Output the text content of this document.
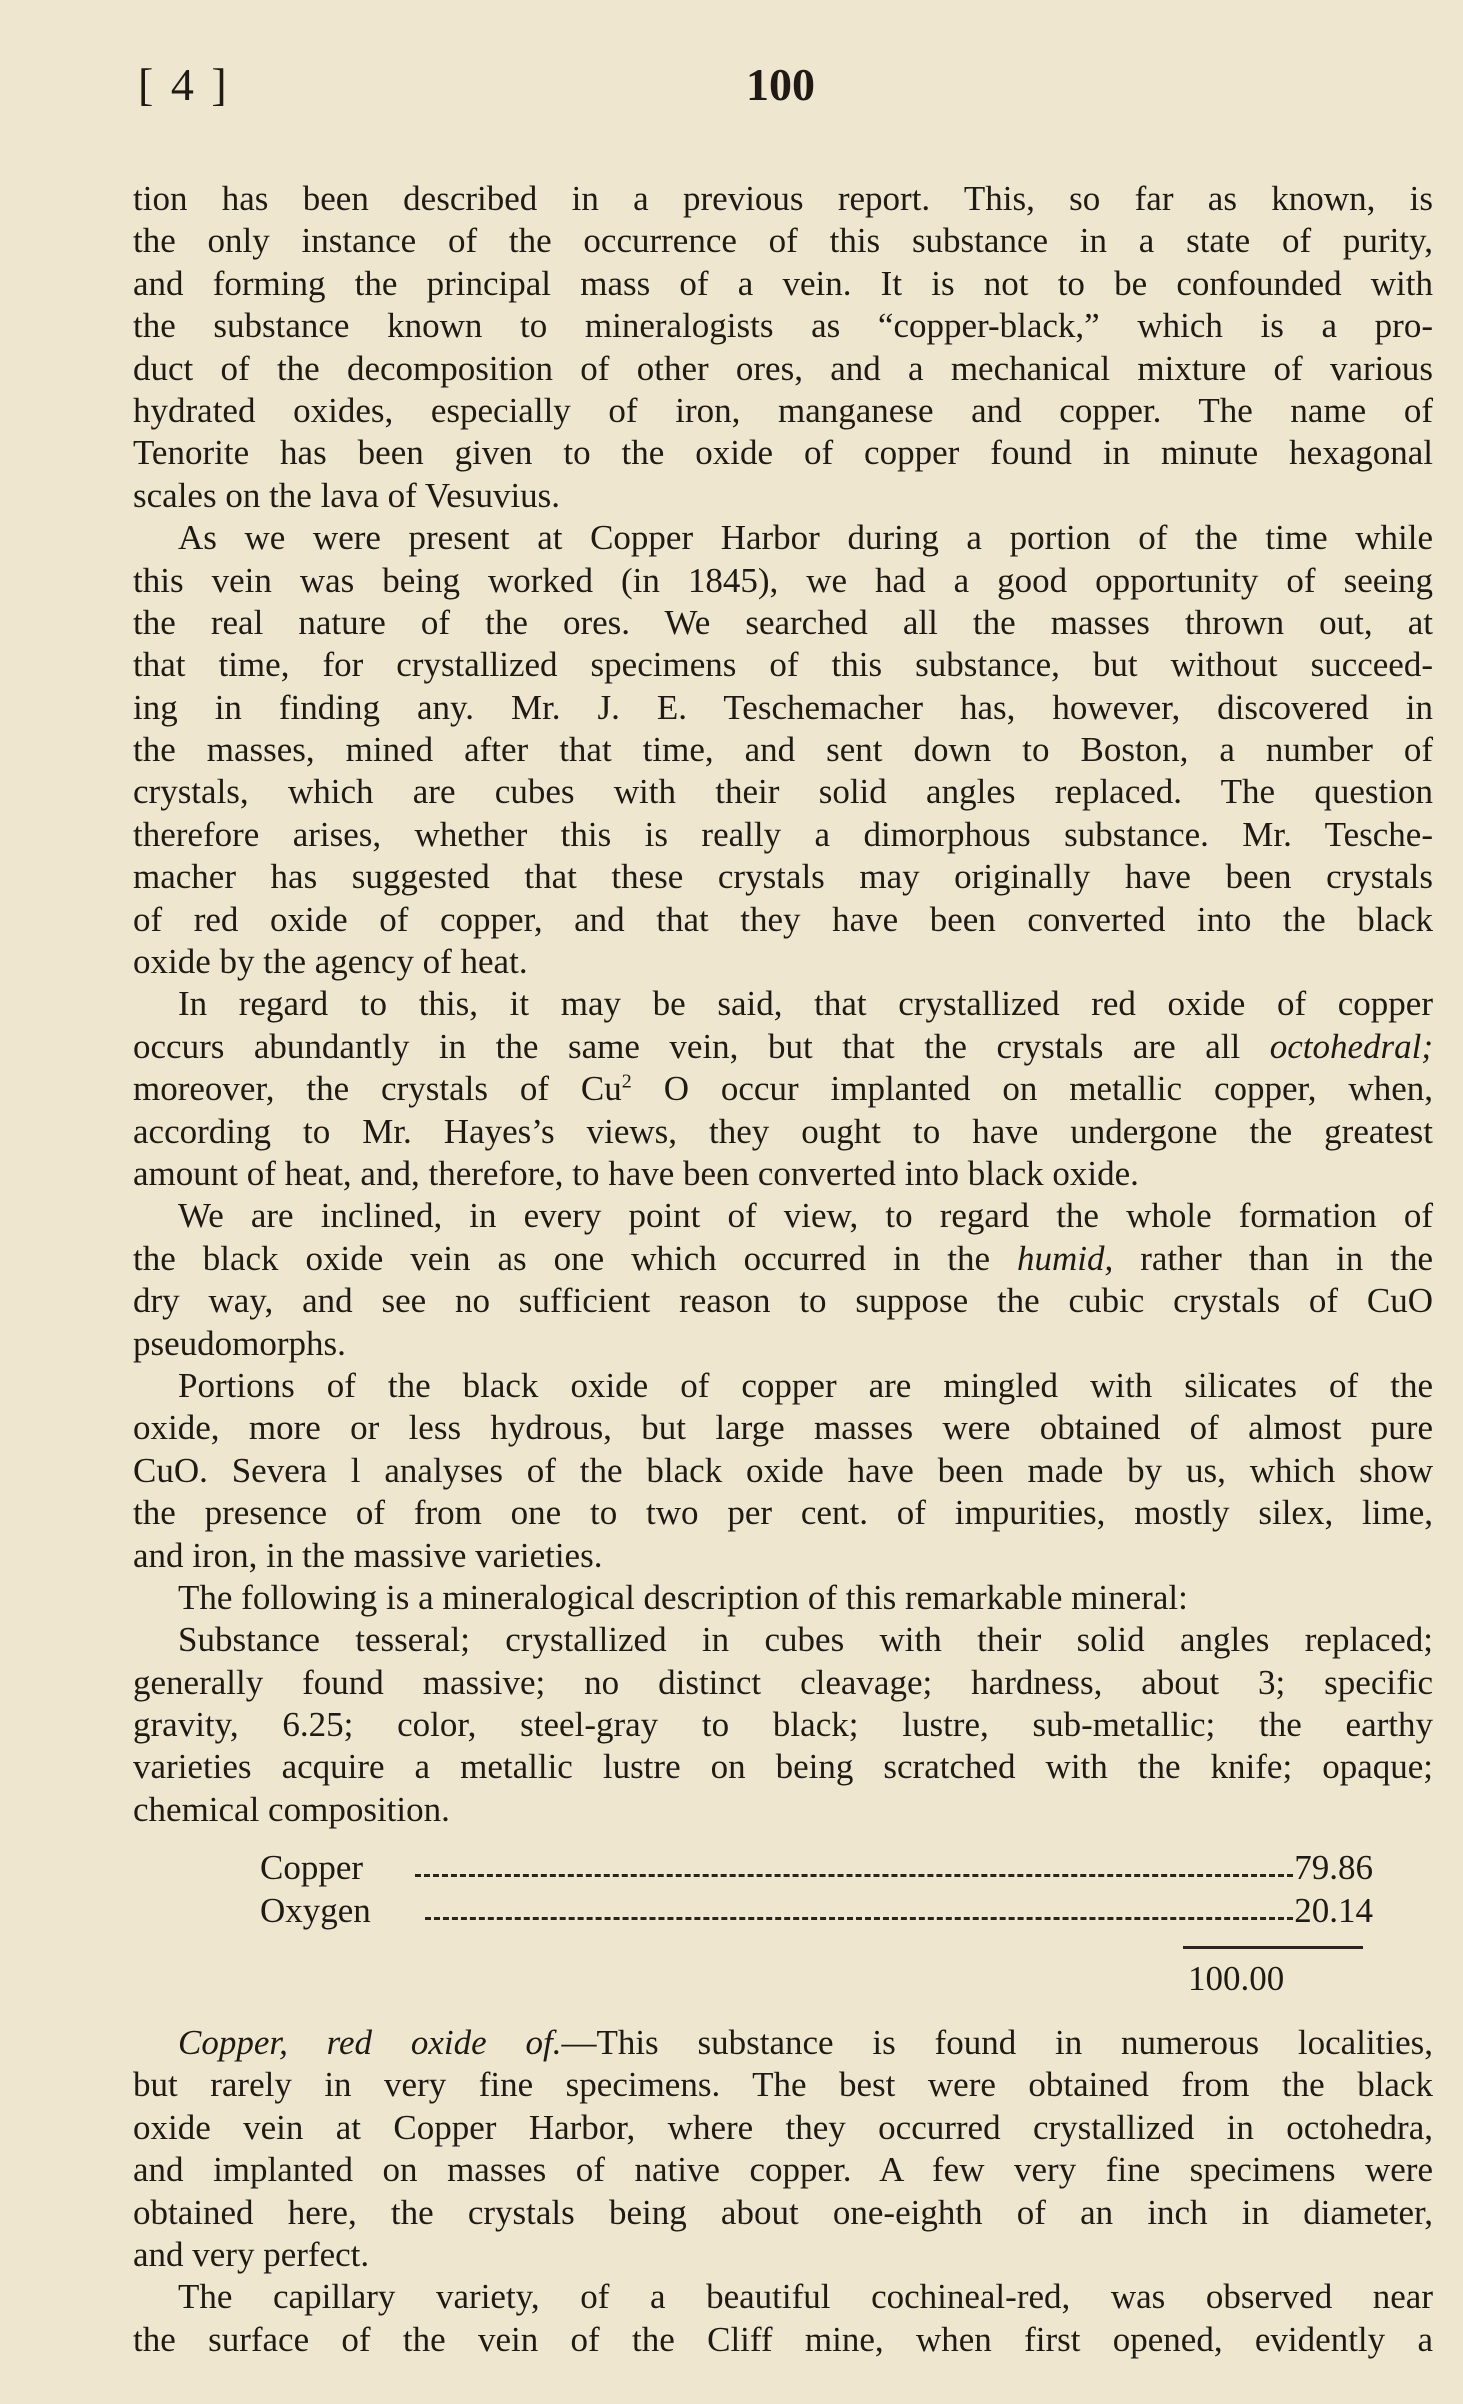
[ 4 ]	100
tion has been described in a previous report. This, so far as known, is
the only instance of the occurrence of this substance in a state of purity,
and forming the principal mass of a vein. It is not to be confounded with
the substance known to mineralogists as “copper-black,” which is a pro-
duct of the decomposition of other ores, and a mechanical mixture of various
hydrated oxides, especially of iron, manganese and copper. The name of
Tenorite has been given to the oxide of copper found in minute hexagonal
scales on the lava of Vesuvius.
As we were present at Copper Harbor during a portion of the time while
this vein was being worked (in 1845), we had a good opportunity of seeing
the real nature of the ores. We searched all the masses thrown out, at
that time, for crystallized specimens of this substance, but without succeed-
ing in finding any. Mr. J. E. Teschemacher has, however, discovered in
the masses, mined after that time, and sent down to Boston, a number of
crystals, which are cubes with their solid angles replaced. The question
therefore arises, whether this is really a dimorphous substance. Mr. Tesche-
macher has suggested that these crystals may originally have been crystals
of red oxide of copper, and that they have been converted into the black
oxide by the agency of heat.
In regard to this, it may be said, that crystallized red oxide of copper
occurs abundantly in the same vein, but that the crystals are all octohedral;
moreover, the crystals of Cu$^2$ O occur implanted on metallic copper, when,
according to Mr. Hayes’s views, they ought to have undergone the greatest
amount of heat, and, therefore, to have been converted into black oxide.
We are inclined, in every point of view, to regard the whole formation of
the black oxide vein as one which occurred in the humid, rather than in the
dry way, and see no sufficient reason to suppose the cubic crystals of CuO
pseudomorphs.
Portions of the black oxide of copper are mingled with silicates of the
oxide, more or less hydrous, but large masses were obtained of almost pure
CuO. Severa l analyses of the black oxide have been made by us, which show
the presence of from one to two per cent. of impurities, mostly silex, lime,
and iron, in the massive varieties.
The following is a mineralogical description of this remarkable mineral:
Substance tesseral; crystallized in cubes with their solid angles replaced;
generally found massive; no distinct cleavage; hardness, about 3; specific
gravity, 6.25; color, steel-gray to black; lustre, sub-metallic; the earthy
varieties acquire a metallic lustre on being scratched with the knife; opaque;
chemical composition.
Copper	79.86
Oxygen	20.14
100.00
Copper, red oxide of.—This substance is found in numerous localities,
but rarely in very fine specimens. The best were obtained from the black
oxide vein at Copper Harbor, where they occurred crystallized in octohedra,
and implanted on masses of native copper. A few very fine specimens were
obtained here, the crystals being about one-eighth of an inch in diameter,
and very perfect.
The capillary variety, of a beautiful cochineal-red, was observed near
the surface of the vein of the Cliff mine, when first opened, evidently a
